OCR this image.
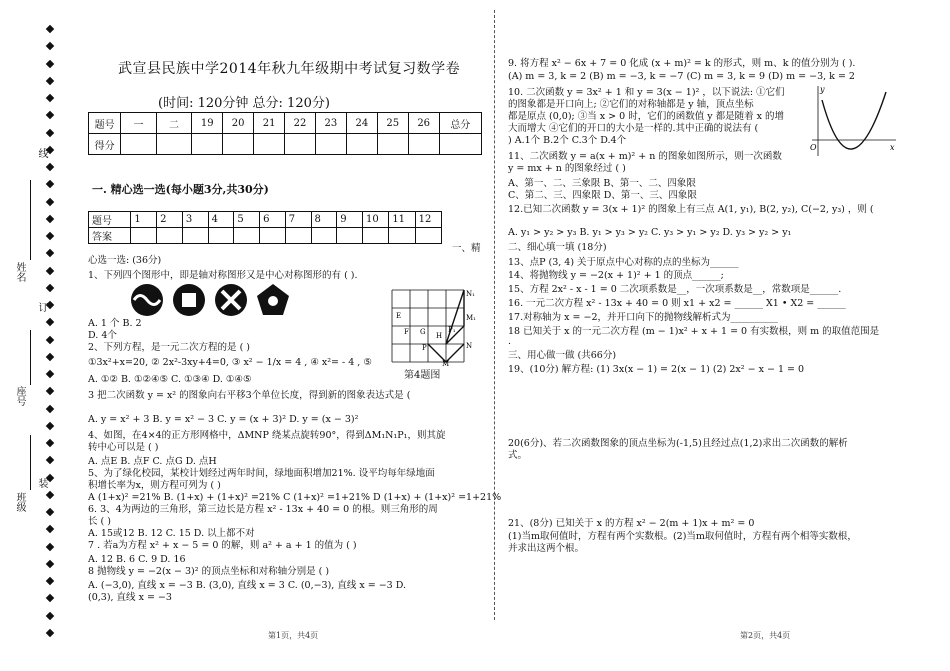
线
订
装
姓名
座号
班级
武宣县民族中学2014年秋九年级期中考试复习数学卷
(时间: 120分钟 总分: 120分)
题号	一	二	19	20	21	22	23	24	25	26	总分
得分											
一. 精心选一选(每小题3分,共30分)
题号	1	2	3	4	5	6	7	8	9	10	11	12
答案												
一、精
心选一选: (36分)
1、下列四个图形中，即是轴对称图形又是中心对称图形的有 ( ).
A. 1 个 B. 2
D. 4个
2、下列方程，是一元二次方程的是 ( )
①3x²+x=20, ② 2x²-3xy+4=0, ③ x² − 1/x = 4 , ④ x²= - 4 , ⑤
A. ①② B. ①②④⑤ C. ①③④ D. ①④⑤
3 把二次函数 y = x² 的图象向右平移3个单位长度，得到新的图象表达式是 (
A. y = x² + 3 B. y = x² − 3 C. y = (x + 3)² D. y = (x − 3)²
4、如图，在4×4的正方形网格中，ΔMNP 绕某点旋转90°，得到ΔM₁N₁P₁，则其旋
转中心可以是 ( )
A. 点E B. 点F C. 点G D. 点H
5、为了绿化校园，某校计划经过两年时间，绿地面积增加21%. 设平均每年绿地面
积增长率为x，则方程可列为 ( )
A (1+x)² =21% B. (1+x) + (1+x)² =21% C (1+x)² =1+21% D (1+x) + (1+x)² =1+21%
6. 3、4为两边的三角形，第三边长是方程 x² - 13x + 40 = 0 的根。则三角形的周
长 ( )
A. 15或12 B. 12 C. 15 D. 以上都不对
7 . 若a为方程 x² + x − 5 = 0 的解，则 a² + a + 1 的值为 ( )
A. 12 B. 6 C. 9 D. 16
8 抛物线 y = −2(x − 3)² 的顶点坐标和对称轴分别是 ( )
A. (−3,0), 直线 x = −3 B. (3,0), 直线 x = 3 C. (0,−3), 直线 x = −3 D.
(0,3), 直线 x = −3
N₁
M₁
E
F G	P₁
H
P	N
M
第4题图
第1页，共4页
9. 将方程 x² − 6x + 7 = 0 化成 (x + m)² = k 的形式，则 m、k 的值分别为 ( ).
(A) m = 3, k = 2 (B) m = −3, k = −7 (C) m = 3, k = 9 (D) m = −3, k = 2
10. 二次函数 y = 3x² + 1 和 y = 3(x − 1)² ，以下说法: ①它们
的图象都是开口向上; ②它们的对称轴都是 y 轴，顶点坐标
都是原点 (0,0); ③当 x > 0 时，它们的函数值 y 都是随着 x 的增
大而增大 ④它们的开口的大小是一样的.其中正确的说法有 (
) A.1个 B.2个 C.3个 D.4个
11、二次函数 y = a(x + m)² + n 的图象如图所示，则一次函数
y = mx + n 的图象经过 ( )
A、第一、二、三象限 B、第一、二、四象限
C、第二、三、四象限 D、第一、三、四象限
12.已知二次函数 y = 3(x + 1)² 的图象上有三点 A(1, y₁), B(2, y₂), C(−2, y₃) ，则 (
A. y₁ > y₂ > y₃ B. y₁ > y₃ > y₂ C. y₃ > y₁ > y₂ D. y₃ > y₂ > y₁
二、细心填一填 (18分)
13、点P (3, 4) 关于原点中心对称的点的坐标为______
14、将抛物线 y = −2(x + 1)² + 1 的顶点______;
15、方程 2x² - x - 1 = 0 二次项系数是__，一次项系数是__，常数项是______.
16. 一元二次方程 x² - 13x + 40 = 0 则 x1 + x2 = ______ X1 • X2 = ______
17.对称轴为 x = −2，并开口向下的抛物线解析式为__________
18 已知关于 x 的一元二次方程 (m − 1)x² + x + 1 = 0 有实数根，则 m 的取值范围是
.
三、用心做一做 (共66分)
19、(10分) 解方程: (1) 3x(x − 1) = 2(x − 1) (2) 2x² − x − 1 = 0
y
x
O
20(6分)、若二次函数图象的顶点坐标为(-1,5)且经过点(1,2)求出二次函数的解析
式。
21、(8分) 已知关于 x 的方程 x² − 2(m + 1)x + m² = 0
(1)当m取何值时，方程有两个实数根。(2)当m取何值时，方程有两个相等实数根，
并求出这两个根。
第2页，共4页
